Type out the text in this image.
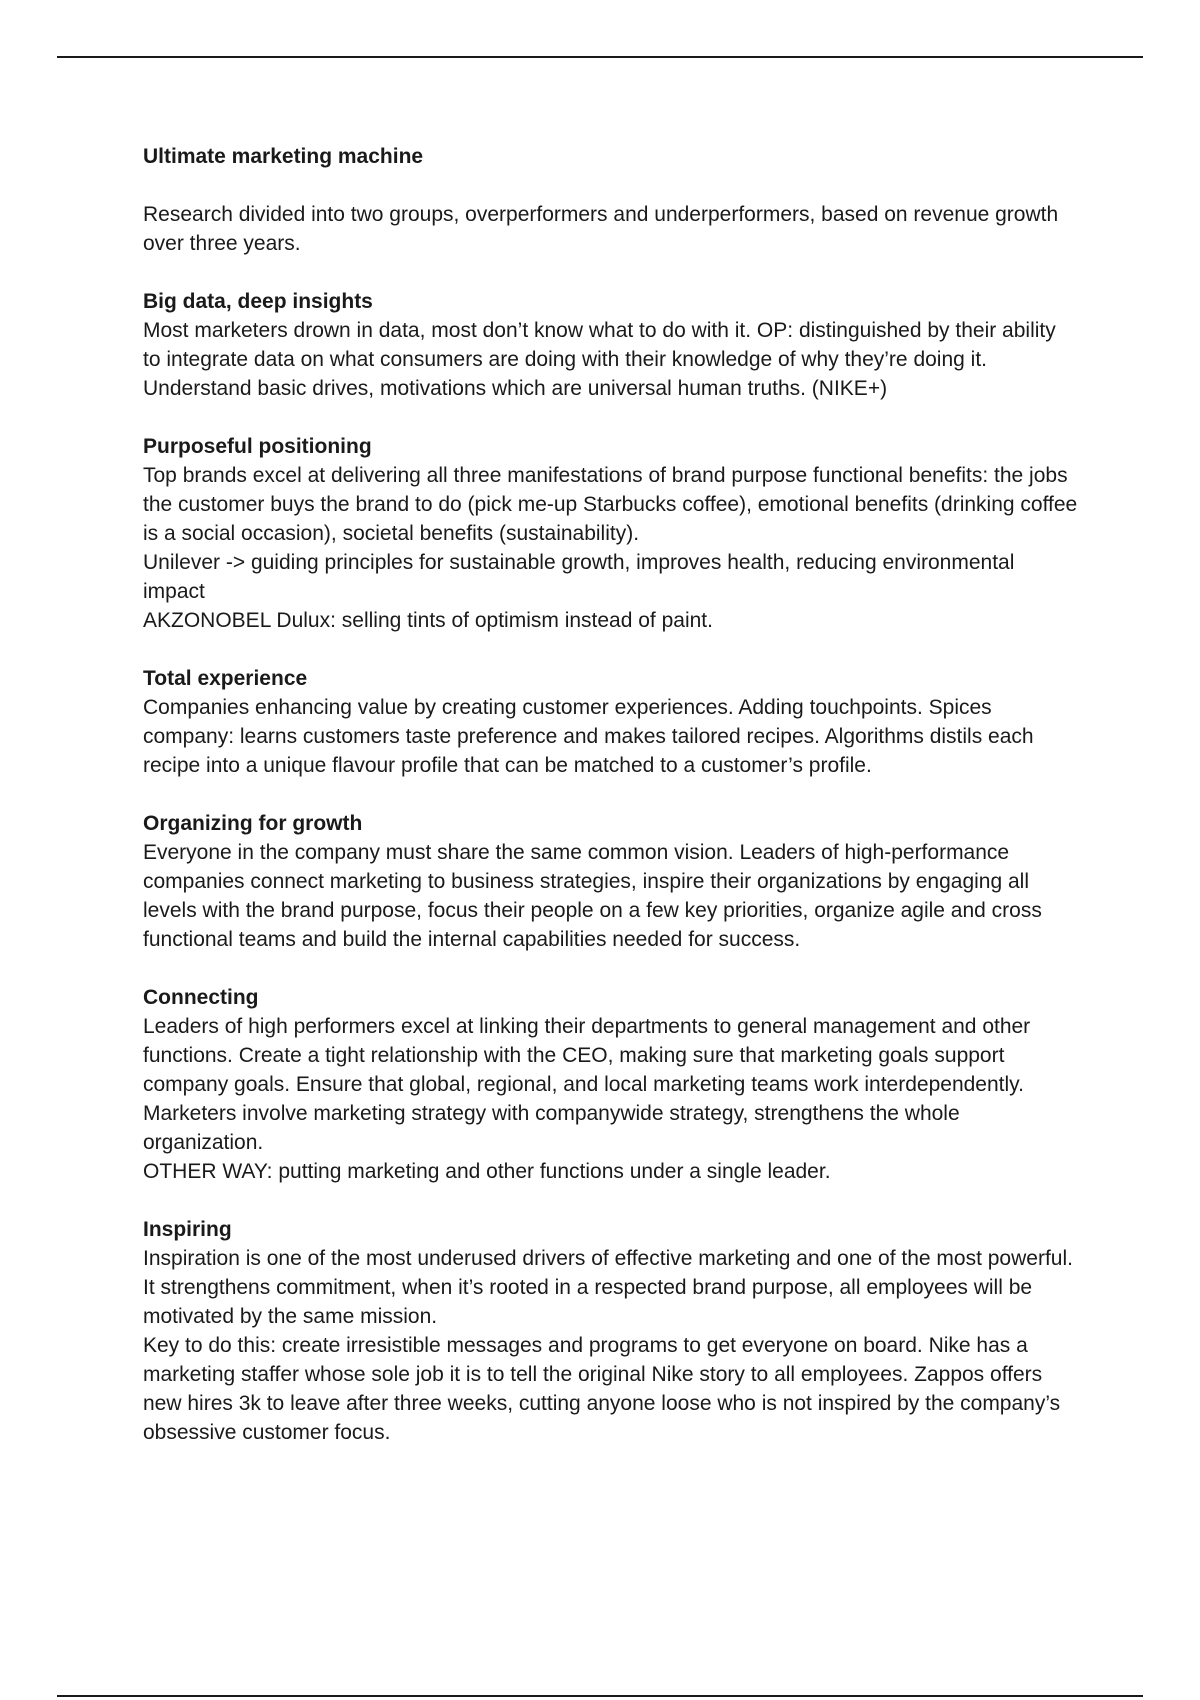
Ultimate marketing machine

Research divided into two groups, overperformers and underperformers, based on revenue growth over three years.

Big data, deep insights

Most marketers drown in data, most don’t know what to do with it. OP: distinguished by their ability to integrate data on what consumers are doing with their knowledge of why they’re doing it. Understand basic drives, motivations which are universal human truths. (NIKE+)

Purposeful positioning

Top brands excel at delivering all three manifestations of brand purpose functional benefits: the jobs the customer buys the brand to do (pick me-up Starbucks coffee), emotional benefits (drinking coffee is a social occasion), societal benefits (sustainability).

Unilever -> guiding principles for sustainable growth, improves health, reducing environmental impact

AKZONOBEL Dulux: selling tints of optimism instead of paint.

Total experience

Companies enhancing value by creating customer experiences. Adding touchpoints. Spices company: learns customers taste preference and makes tailored recipes. Algorithms distils each recipe into a unique flavour profile that can be matched to a customer’s profile.

Organizing for growth

Everyone in the company must share the same common vision. Leaders of high-performance companies connect marketing to business strategies, inspire their organizations by engaging all levels with the brand purpose, focus their people on a few key priorities, organize agile and cross functional teams and build the internal capabilities needed for success.

Connecting

Leaders of high performers excel at linking their departments to general management and other functions. Create a tight relationship with the CEO, making sure that marketing goals support company goals. Ensure that global, regional, and local marketing teams work interdependently. Marketers involve marketing strategy with companywide strategy, strengthens the whole organization.

OTHER WAY: putting marketing and other functions under a single leader.

Inspiring

Inspiration is one of the most underused drivers of effective marketing and one of the most powerful. It strengthens commitment, when it’s rooted in a respected brand purpose, all employees will be motivated by the same mission.

Key to do this: create irresistible messages and programs to get everyone on board. Nike has a marketing staffer whose sole job it is to tell the original Nike story to all employees. Zappos offers new hires 3k to leave after three weeks, cutting anyone loose who is not inspired by the company’s obsessive customer focus.
